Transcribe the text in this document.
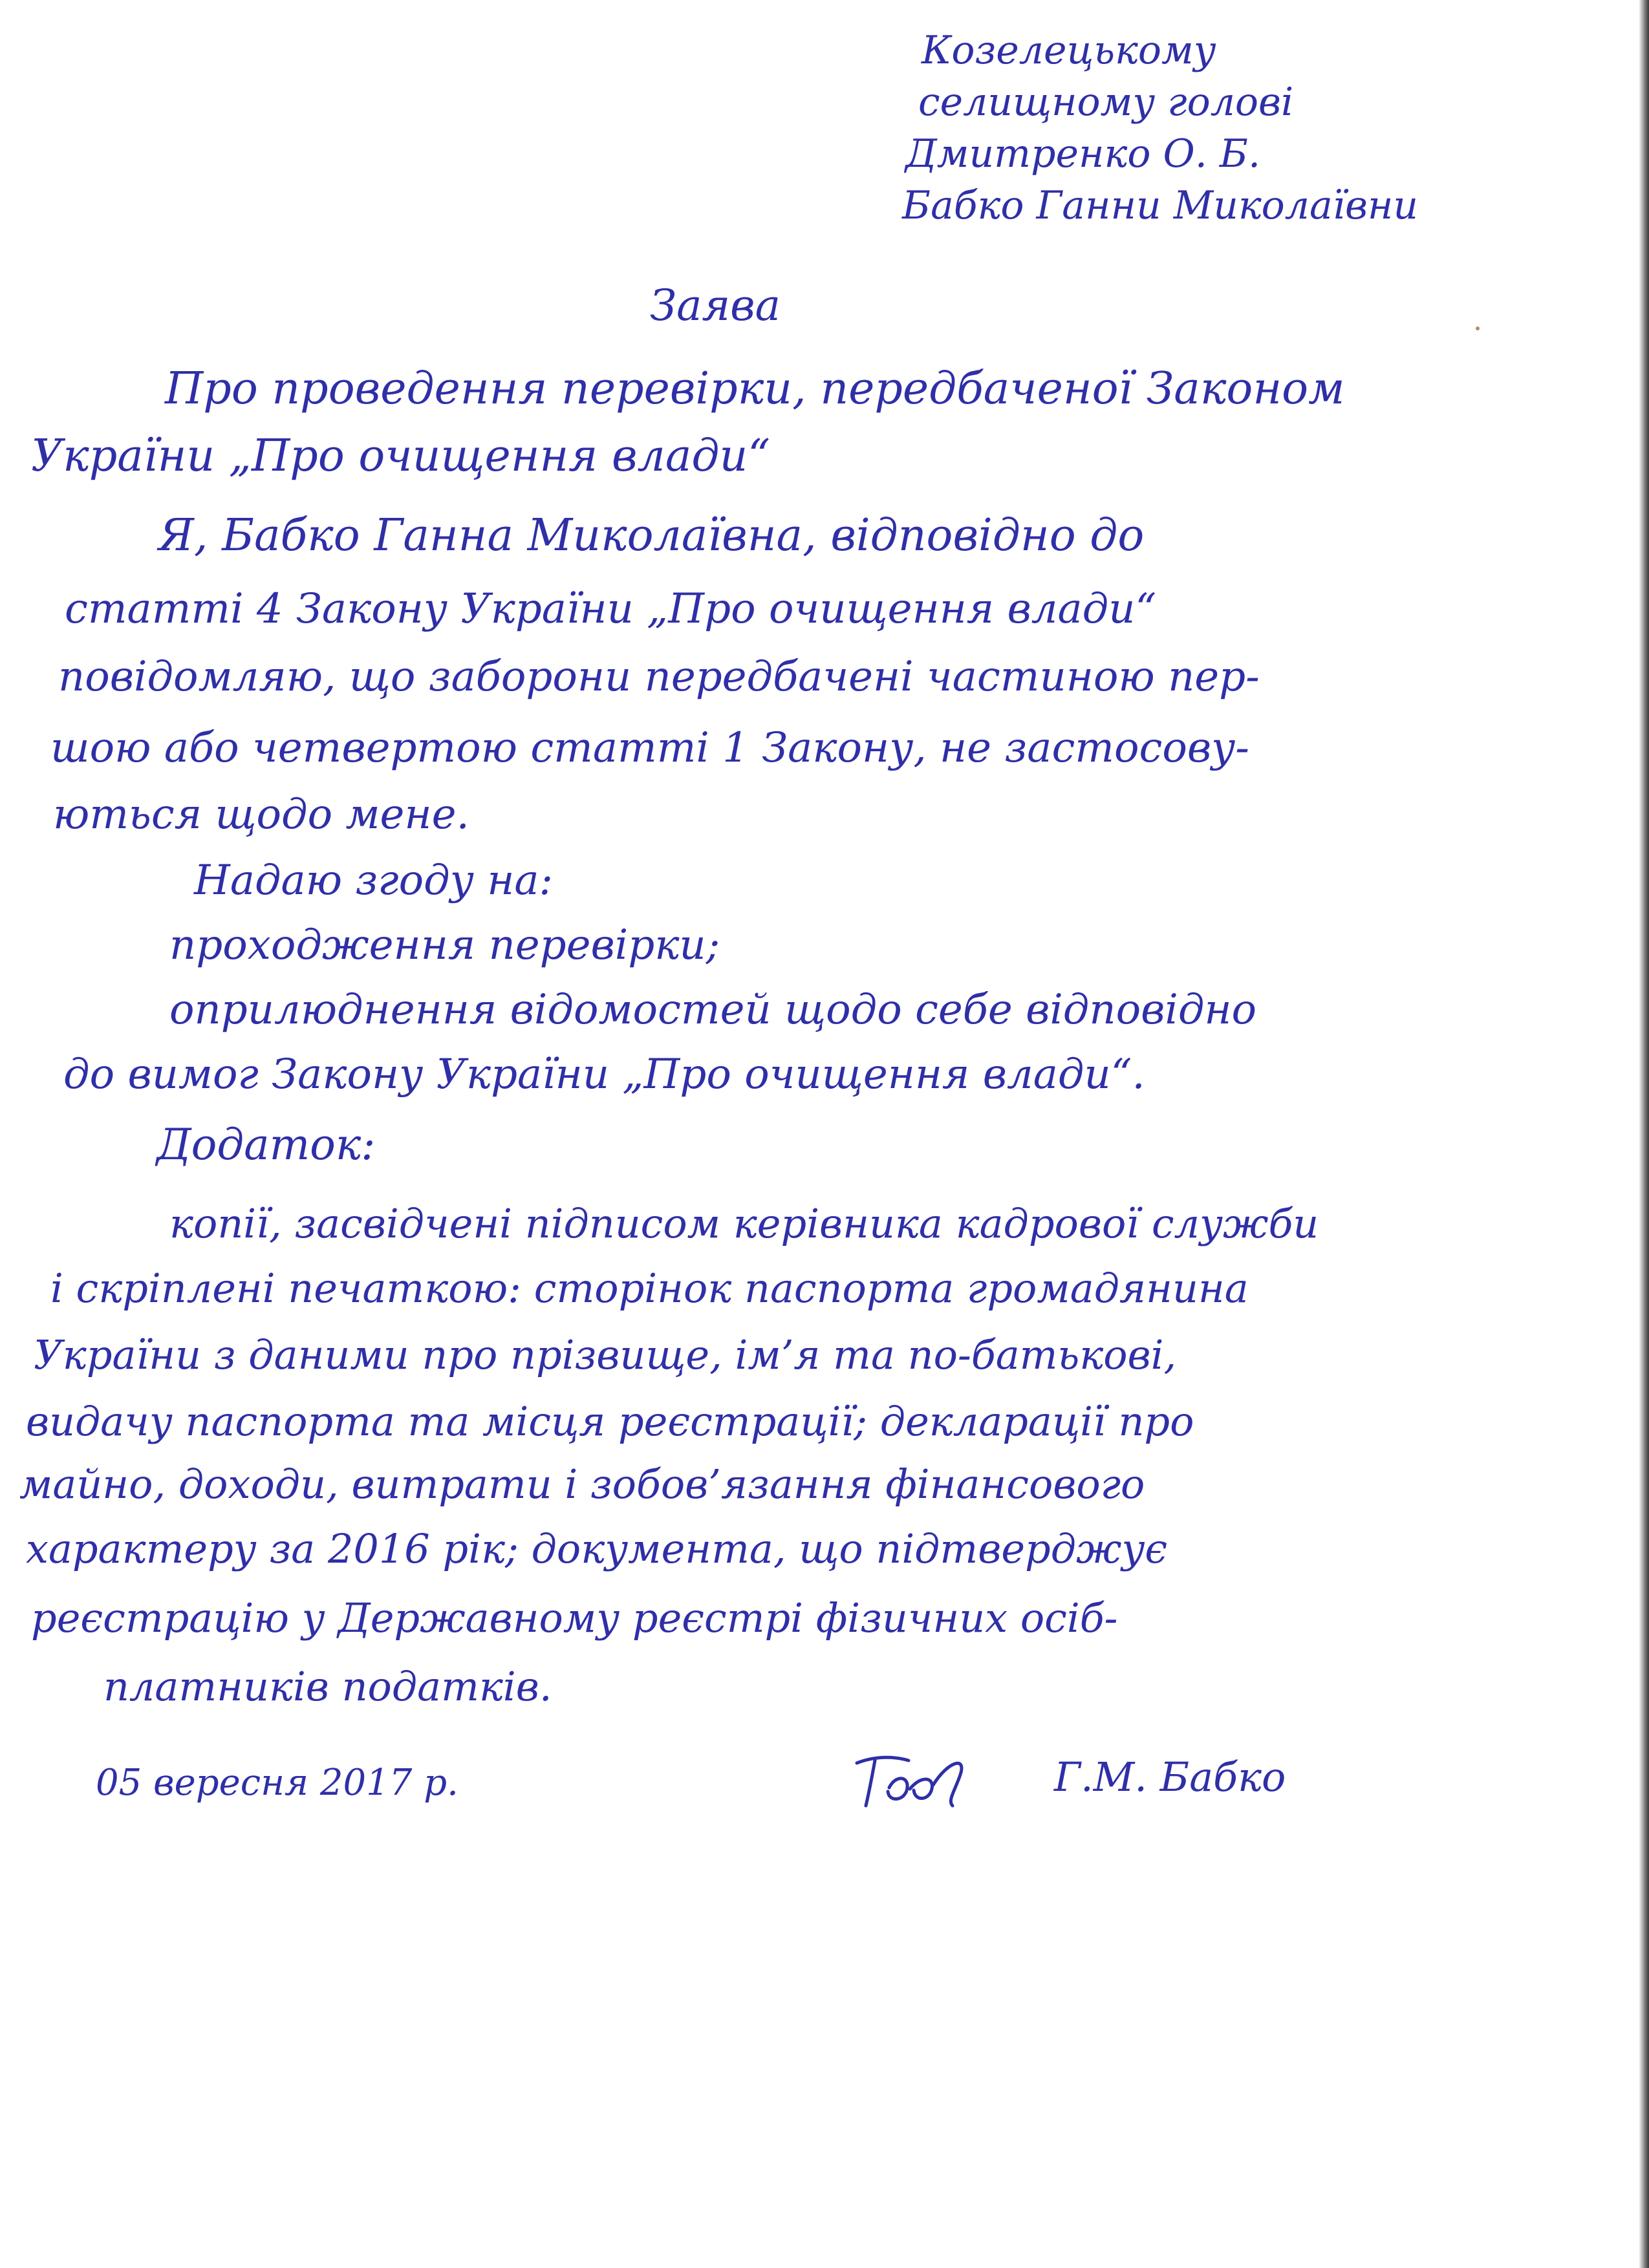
Козелецькому
селищному голові
Дмитренко О. Б.
Бабко Ганни Миколаївни
Заява
Про проведення перевірки, передбаченої Законом
України „Про очищення влади“
Я, Бабко Ганна Миколаївна, відповідно до
статті 4 Закону України „Про очищення влади“
повідомляю, що заборони передбачені частиною пер-
шою або четвертою статті 1 Закону, не застосову-
ються щодо мене.
Надаю згоду на:
проходження перевірки;
оприлюднення відомостей щодо себе відповідно
до вимог Закону України „Про очищення влади“.
Додаток:
копії, засвідчені підписом керівника кадрової служби
і скріплені печаткою: сторінок паспорта громадянина
України з даними про прізвище, ім’я та по-батькові,
видачу паспорта та місця реєстрації; декларації про
майно, доходи, витрати і зобов’язання фінансового
характеру за 2016 рік; документа, що підтверджує
реєстрацію у Державному реєстрі фізичних осіб-
платників податків.
05 вересня 2017 р.	Г.М. Бабко
